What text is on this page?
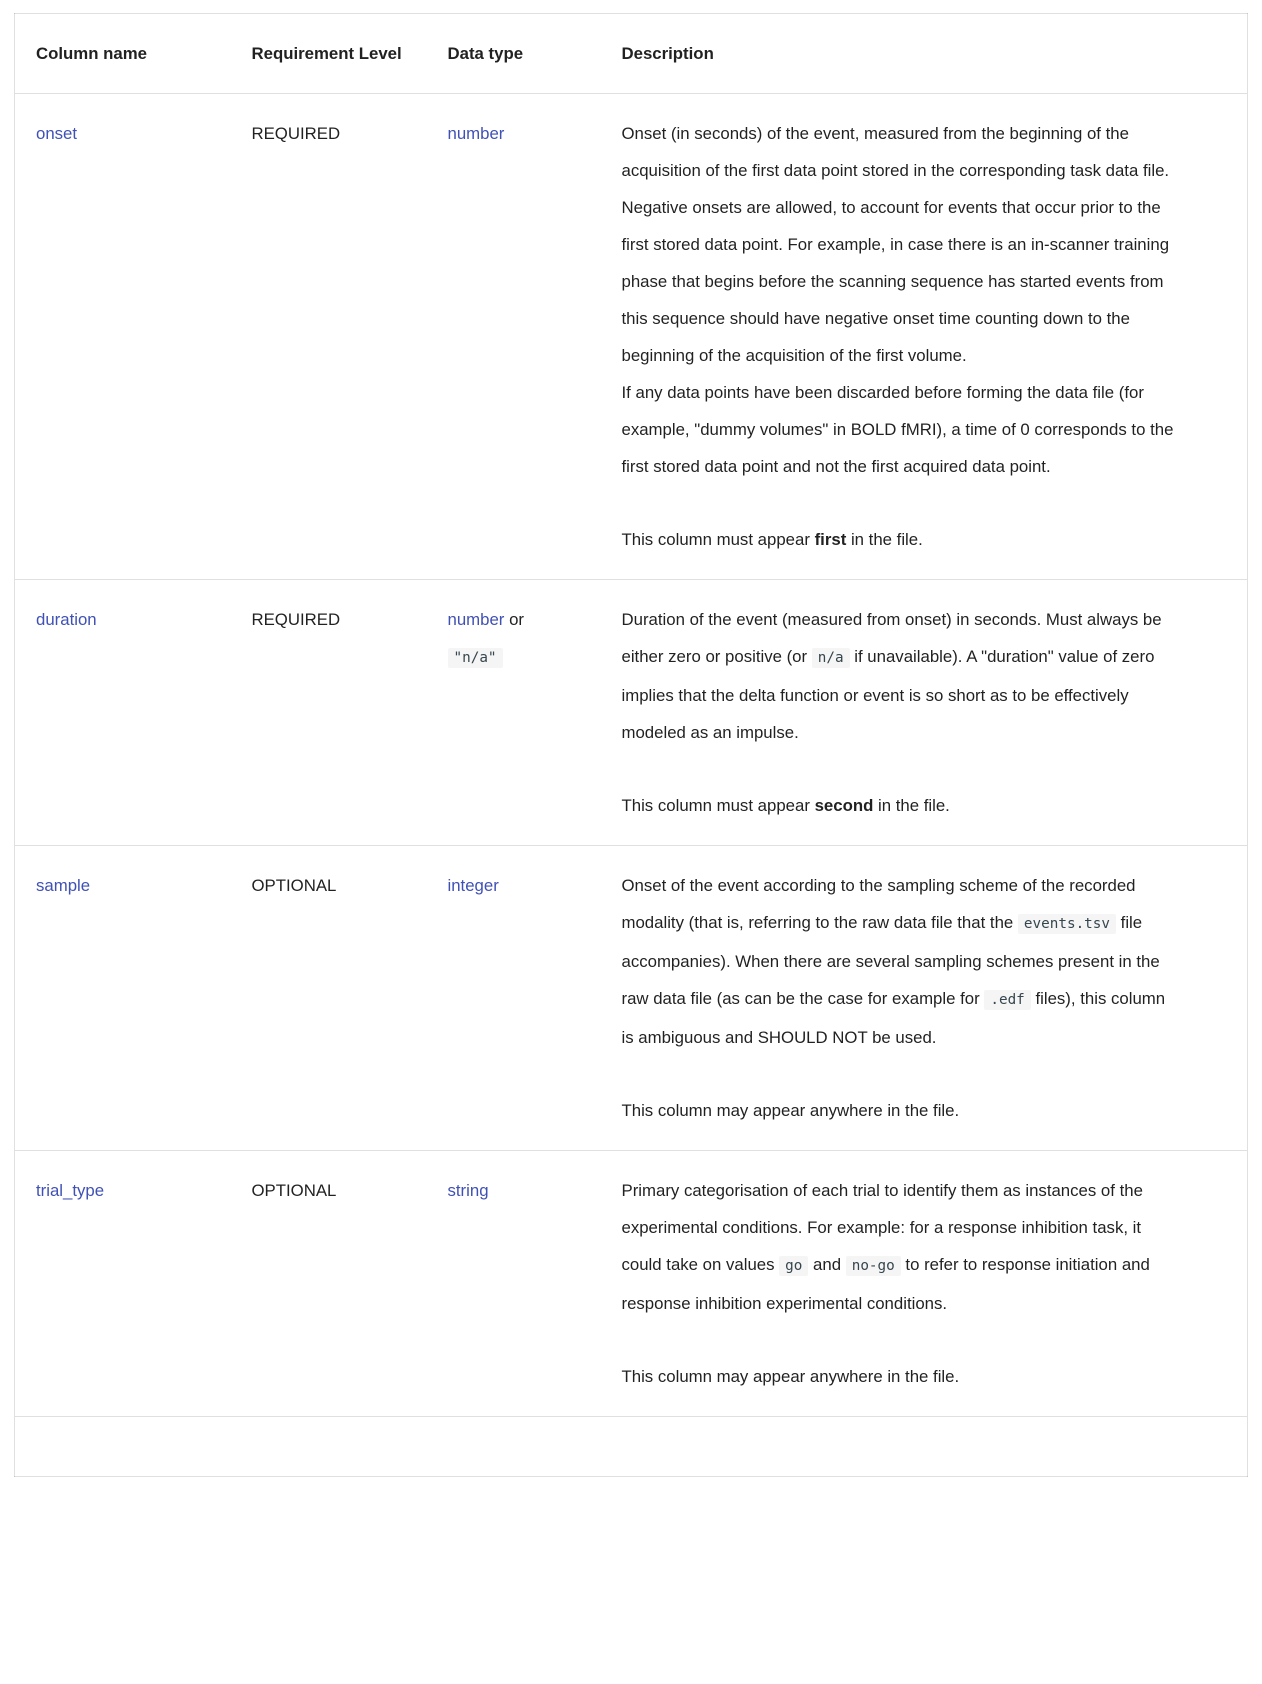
Column name	Requirement Level	Data type	Description
onset	REQUIRED	number	Onset (in seconds) of the event, measured from the beginning of the acquisition of the first data point stored in the corresponding task data file. Negative onsets are allowed, to account for events that occur prior to the first stored data point. For example, in case there is an in-scanner training phase that begins before the scanning sequence has started events from this sequence should have negative onset time counting down to the beginning of the acquisition of the first volume.
If any data points have been discarded before forming the data file (for example, "dummy volumes" in BOLD fMRI), a time of 0 corresponds to the first stored data point and not the first acquired data point.

This column must appear first in the file.

duration	REQUIRED	number or "n/a"	Duration of the event (measured from onset) in seconds. Must always be either zero or positive (or n/a if unavailable). A "duration" value of zero implies that the delta function or event is so short as to be effectively modeled as an impulse.

This column must appear second in the file.

sample	OPTIONAL	integer	Onset of the event according to the sampling scheme of the recorded modality (that is, referring to the raw data file that the events.tsv file accompanies). When there are several sampling schemes present in the raw data file (as can be the case for example for .edf files), this column is ambiguous and SHOULD NOT be used.

This column may appear anywhere in the file.

trial_type	OPTIONAL	string	Primary categorisation of each trial to identify them as instances of the experimental conditions. For example: for a response inhibition task, it could take on values go and no-go to refer to response initiation and response inhibition experimental conditions.

This column may appear anywhere in the file.
